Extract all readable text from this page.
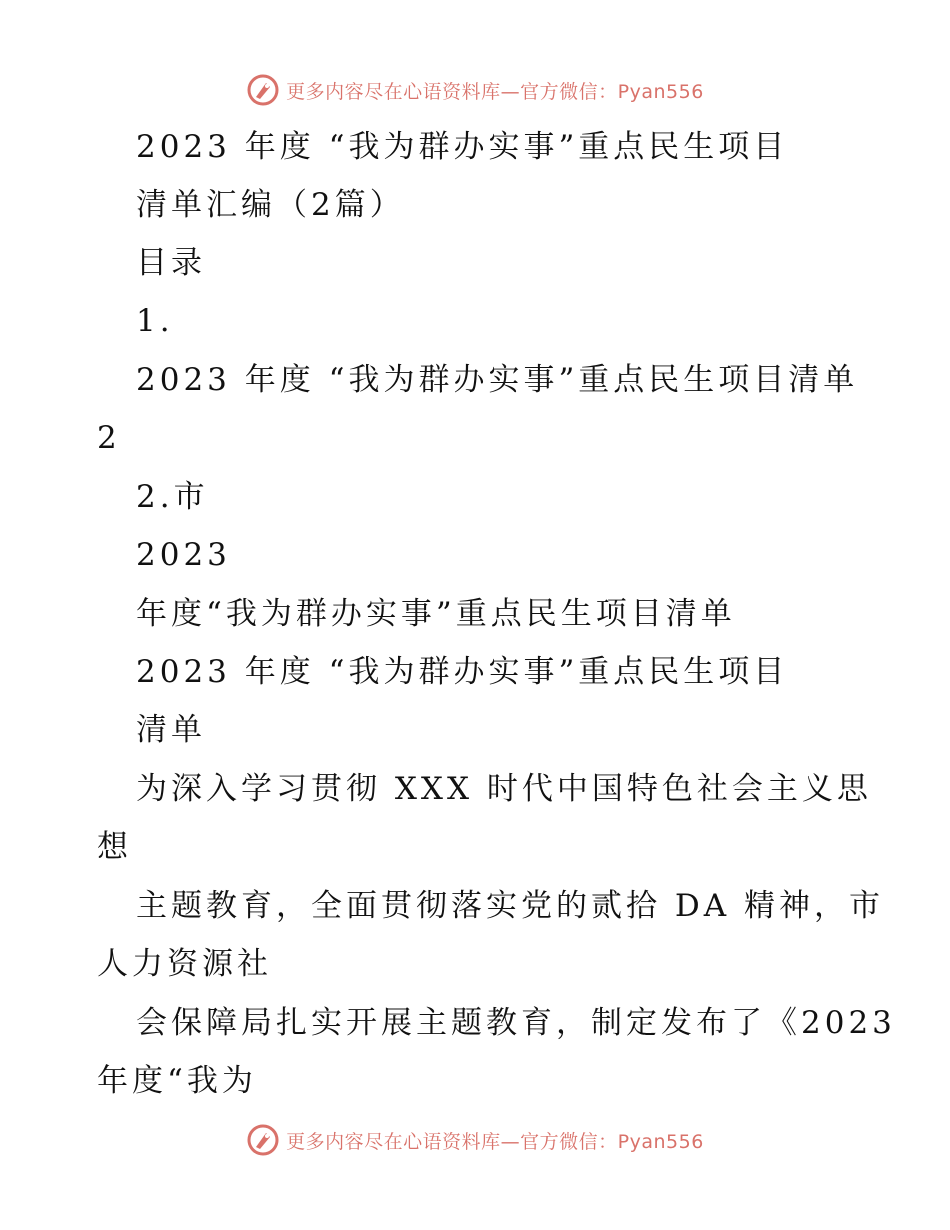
更多内容尽在心语资料库—官方微信：Pyan556
2023 年度 “我为群办实事”重点民生项目
清单汇编（2篇）
目录
1.
2023 年度 “我为群办实事”重点民生项目清单
2
2.市
2023
年度“我为群办实事”重点民生项目清单
2023 年度 “我为群办实事”重点民生项目
清单
为深入学习贯彻 XXX 时代中国特色社会主义思
想
主题教育，全面贯彻落实党的贰拾 DA 精神，市
人力资源社
会保障局扎实开展主题教育，制定发布了《2023
年度“我为
更多内容尽在心语资料库—官方微信：Pyan556
